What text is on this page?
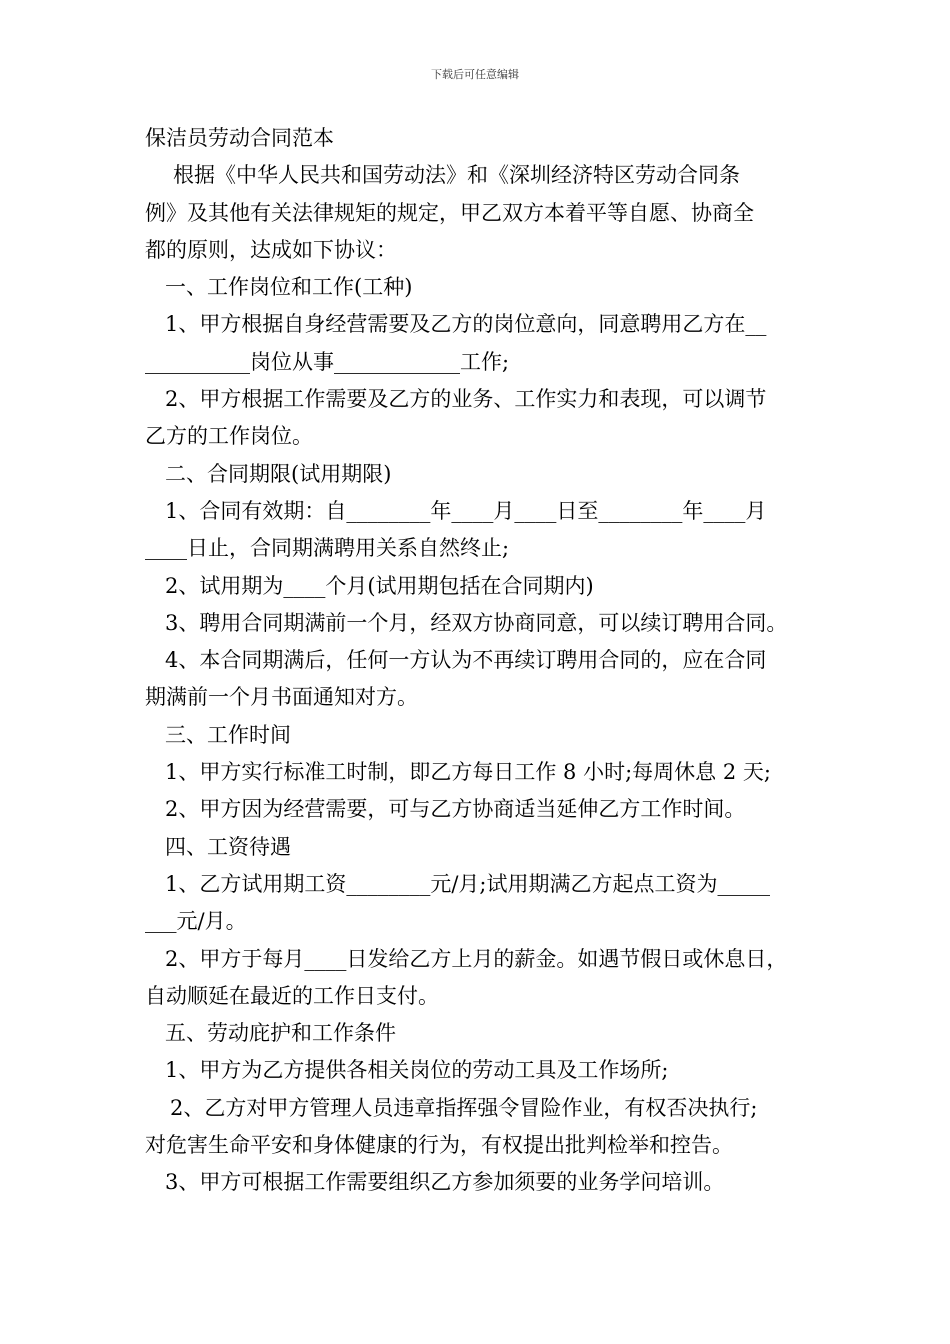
下载后可任意编辑
保洁员劳动合同范本
根据《中华人民共和国劳动法》和《深圳经济特区劳动合同条
例》及其他有关法律规矩的规定，甲乙双方本着平等自愿、协商全
都的原则，达成如下协议：
一、工作岗位和工作(工种)
1、甲方根据自身经营需要及乙方的岗位意向，同意聘用乙方在__
__________岗位从事____________工作;
2、甲方根据工作需要及乙方的业务、工作实力和表现，可以调节
乙方的工作岗位。
二、合同期限(试用期限)
1、合同有效期：自________年____月____日至________年____月
____日止，合同期满聘用关系自然终止;
2、试用期为____个月(试用期包括在合同期内)
3、聘用合同期满前一个月，经双方协商同意，可以续订聘用合同。
4、本合同期满后，任何一方认为不再续订聘用合同的，应在合同
期满前一个月书面通知对方。
三、工作时间
1、甲方实行标准工时制，即乙方每日工作 8 小时;每周休息 2 天;
2、甲方因为经营需要，可与乙方协商适当延伸乙方工作时间。
四、工资待遇
1、乙方试用期工资________元/月;试用期满乙方起点工资为_____
___元/月。
2、甲方于每月____日发给乙方上月的薪金。如遇节假日或休息日，
自动顺延在最近的工作日支付。
五、劳动庇护和工作条件
1、甲方为乙方提供各相关岗位的劳动工具及工作场所;
2、乙方对甲方管理人员违章指挥强令冒险作业，有权否决执行;
对危害生命平安和身体健康的行为，有权提出批判检举和控告。
3、甲方可根据工作需要组织乙方参加须要的业务学问培训。
